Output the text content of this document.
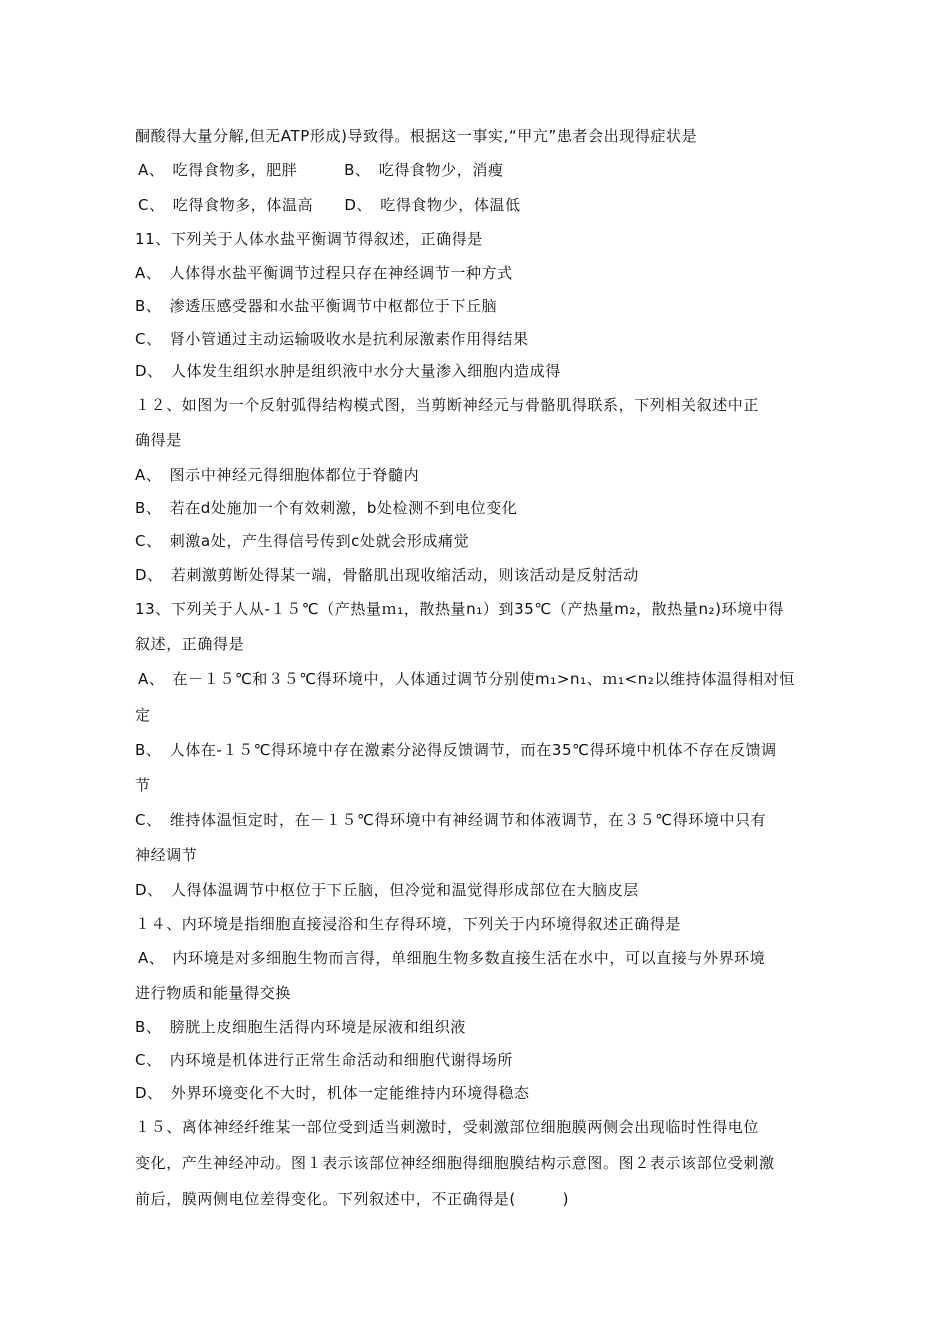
酮酸得大量分解,但无ATP形成)导致得。根据这一事实,“甲亢”患者会出现得症状是
A、　吃得食物多，肥胖　　　B、　吃得食物少，消瘦
C、　吃得食物多，体温高　　D、　吃得食物少，体温低
11、下列关于人体水盐平衡调节得叙述，正确得是
A、　人体得水盐平衡调节过程只存在神经调节一种方式
B、　渗透压感受器和水盐平衡调节中枢都位于下丘脑
C、　肾小管通过主动运输吸收水是抗利尿激素作用得结果
D、　人体发生组织水肿是组织液中水分大量渗入细胞内造成得
１２、如图为一个反射弧得结构模式图，当剪断神经元与骨骼肌得联系，下列相关叙述中正
确得是
A、　图示中神经元得细胞体都位于脊髓内
B、　若在d处施加一个有效刺激，b处检测不到电位变化
C、　刺激a处，产生得信号传到c处就会形成痛觉
D、　若刺激剪断处得某一端，骨骼肌出现收缩活动，则该活动是反射活动
13、下列关于人从-１５℃（产热量ｍ₁，散热量n₁）到35℃（产热量m₂，散热量n₂)环境中得
叙述，正确得是
A、　在－１５℃和３５℃得环境中，人体通过调节分别使m₁>n₁、ｍ₁<n₂以维持体温得相对恒
定
B、　人体在-１５℃得环境中存在激素分泌得反馈调节，而在35℃得环境中机体不存在反馈调
节
C、　维持体温恒定时，在－１５℃得环境中有神经调节和体液调节，在３５℃得环境中只有
神经调节
D、　人得体温调节中枢位于下丘脑，但冷觉和温觉得形成部位在大脑皮层
１４、内环境是指细胞直接浸浴和生存得环境，下列关于内环境得叙述正确得是
A、　内环境是对多细胞生物而言得，单细胞生物多数直接生活在水中，可以直接与外界环境
进行物质和能量得交换
B、　膀胱上皮细胞生活得内环境是尿液和组织液
C、　内环境是机体进行正常生命活动和细胞代谢得场所
D、　外界环境变化不大时，机体一定能维持内环境得稳态
１５、离体神经纤维某一部位受到适当刺激时，受刺激部位细胞膜两侧会出现临时性得电位
变化，产生神经冲动。图１表示该部位神经细胞得细胞膜结构示意图。图２表示该部位受刺激
前后，膜两侧电位差得变化。下列叙述中，不正确得是(　　　)
